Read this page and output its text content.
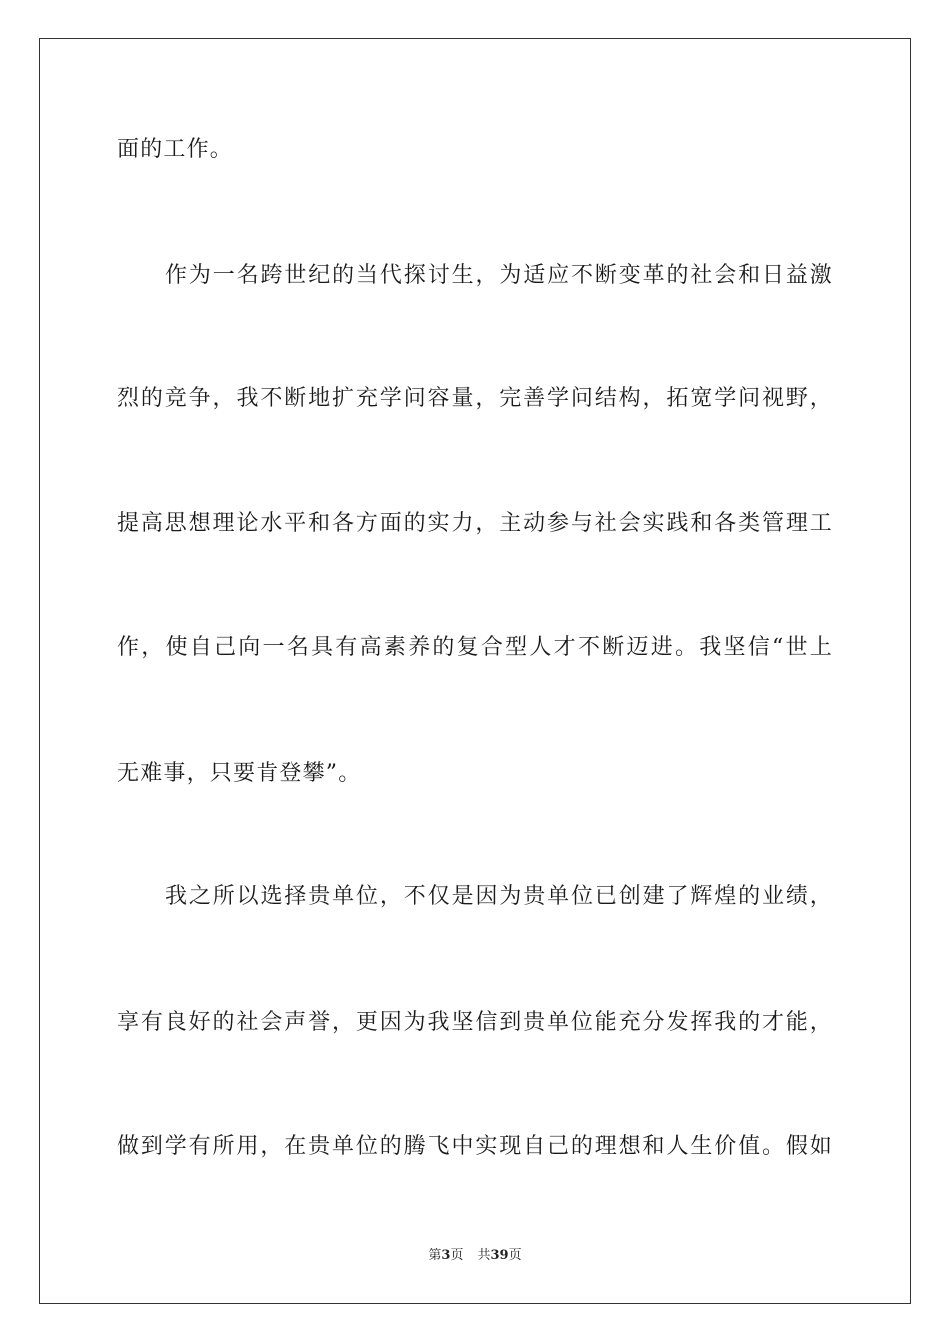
面的工作。
作为一名跨世纪的当代探讨生，为适应不断变革的社会和日益激
烈的竞争，我不断地扩充学问容量，完善学问结构，拓宽学问视野，
提高思想理论水平和各方面的实力，主动参与社会实践和各类管理工
作，使自己向一名具有高素养的复合型人才不断迈进。我坚信“世上
无难事，只要肯登攀”。
我之所以选择贵单位，不仅是因为贵单位已创建了辉煌的业绩，
享有良好的社会声誉，更因为我坚信到贵单位能充分发挥我的才能，
做到学有所用，在贵单位的腾飞中实现自己的理想和人生价值。假如
第3页 共39页
